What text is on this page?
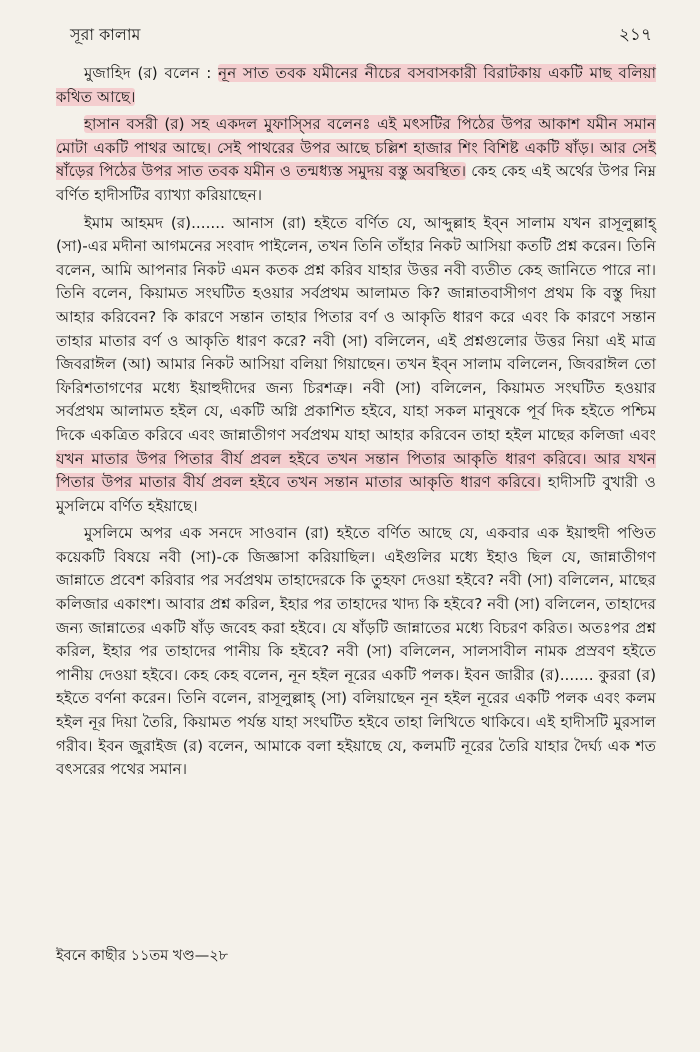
সূরা কালাম	২১৭

মুজাহিদ (র) বলেন : নূন সাত তবক যমীনের নীচের বসবাসকারী বিরাটকায় একটি মাছ বলিয়া কথিত আছে।

হাসান বসরী (র) সহ একদল মুফাস্সির বলেনঃ এই মৎসটির পিঠের উপর আকাশ যমীন সমান মোটা একটি পাথর আছে। সেই পাথরের উপর আছে চল্লিশ হাজার শিং বিশিষ্ট একটি ষাঁড়। আর সেই ষাঁড়ের পিঠের উপর সাত তবক যমীন ও তন্মধ্যস্ত সমুদয় বস্তু অবস্থিত। কেহ কেহ এই অর্থের উপর নিম্ন বর্ণিত হাদীসটির ব্যাখ্যা করিয়াছেন।

ইমাম আহমদ (র)....... আনাস (রা) হইতে বর্ণিত যে, আব্দুল্লাহ ইব্ন সালাম যখন রাসূলুল্লাহ্ (সা)-এর মদীনা আগমনের সংবাদ পাইলেন, তখন তিনি তাঁহার নিকট আসিয়া কতটি প্রশ্ন করেন। তিনি বলেন, আমি আপনার নিকট এমন কতক প্রশ্ন করিব যাহার উত্তর নবী ব্যতীত কেহ জানিতে পারে না। তিনি বলেন, কিয়ামত সংঘটিত হওয়ার সর্বপ্রথম আলামত কি? জান্নাতবাসীগণ প্রথম কি বস্তু দিয়া আহার করিবেন? কি কারণে সন্তান তাহার পিতার বর্ণ ও আকৃতি ধারণ করে এবং কি কারণে সন্তান তাহার মাতার বর্ণ ও আকৃতি ধারণ করে? নবী (সা) বলিলেন, এই প্রশ্নগুলোর উত্তর নিয়া এই মাত্র জিবরাঈল (আ) আমার নিকট আসিয়া বলিয়া গিয়াছেন। তখন ইব্ন সালাম বলিলেন, জিবরাঈল তো ফিরিশতাগণের মধ্যে ইয়াহুদীদের জন্য চিরশত্রু। নবী (সা) বলিলেন, কিয়ামত সংঘটিত হওয়ার সর্বপ্রথম আলামত হইল যে, একটি অগ্নি প্রকাশিত হইবে, যাহা সকল মানুষকে পূর্ব দিক হইতে পশ্চিম দিকে একত্রিত করিবে এবং জান্নাতীগণ সর্বপ্রথম যাহা আহার করিবেন তাহা হইল মাছের কলিজা এবং যখন মাতার উপর পিতার বীর্য প্রবল হইবে তখন সন্তান পিতার আকৃতি ধারণ করিবে। আর যখন পিতার উপর মাতার বীর্য প্রবল হইবে তখন সন্তান মাতার আকৃতি ধারণ করিবে। হাদীসটি বুখারী ও মুসলিমে বর্ণিত হইয়াছে।

মুসলিমে অপর এক সনদে সাওবান (রা) হইতে বর্ণিত আছে যে, একবার এক ইয়াহুদী পণ্ডিত কয়েকটি বিষয়ে নবী (সা)-কে জিজ্ঞাসা করিয়াছিল। এইগুলির মধ্যে ইহাও ছিল যে, জান্নাতীগণ জান্নাতে প্রবেশ করিবার পর সর্বপ্রথম তাহাদেরকে কি তুহফা দেওয়া হইবে? নবী (সা) বলিলেন, মাছের কলিজার একাংশ। আবার প্রশ্ন করিল, ইহার পর তাহাদের খাদ্য কি হইবে? নবী (সা) বলিলেন, তাহাদের জন্য জান্নাতের একটি ষাঁড় জবেহ করা হইবে। যে ষাঁড়টি জান্নাতের মধ্যে বিচরণ করিত। অতঃপর প্রশ্ন করিল, ইহার পর তাহাদের পানীয় কি হইবে? নবী (সা) বলিলেন, সালসাবীল নামক প্রস্রবণ হইতে পানীয় দেওয়া হইবে। কেহ কেহ বলেন, নূন হইল নূরের একটি পলক। ইবন জারীর (র)....... কুররা (র) হইতে বর্ণনা করেন। তিনি বলেন, রাসূলুল্লাহ্ (সা) বলিয়াছেন নূন হইল নূরের একটি পলক এবং কলম হইল নূর দিয়া তৈরি, কিয়ামত পর্যন্ত যাহা সংঘটিত হইবে তাহা লিখিতে থাকিবে। এই হাদীসটি মুরসাল গরীব। ইবন জুরাইজ (র) বলেন, আমাকে বলা হইয়াছে যে, কলমটি নূরের তৈরি যাহার দৈর্ঘ্য এক শত বৎসরের পথের সমান।

ইবনে কাছীর ১১তম খণ্ড—২৮
